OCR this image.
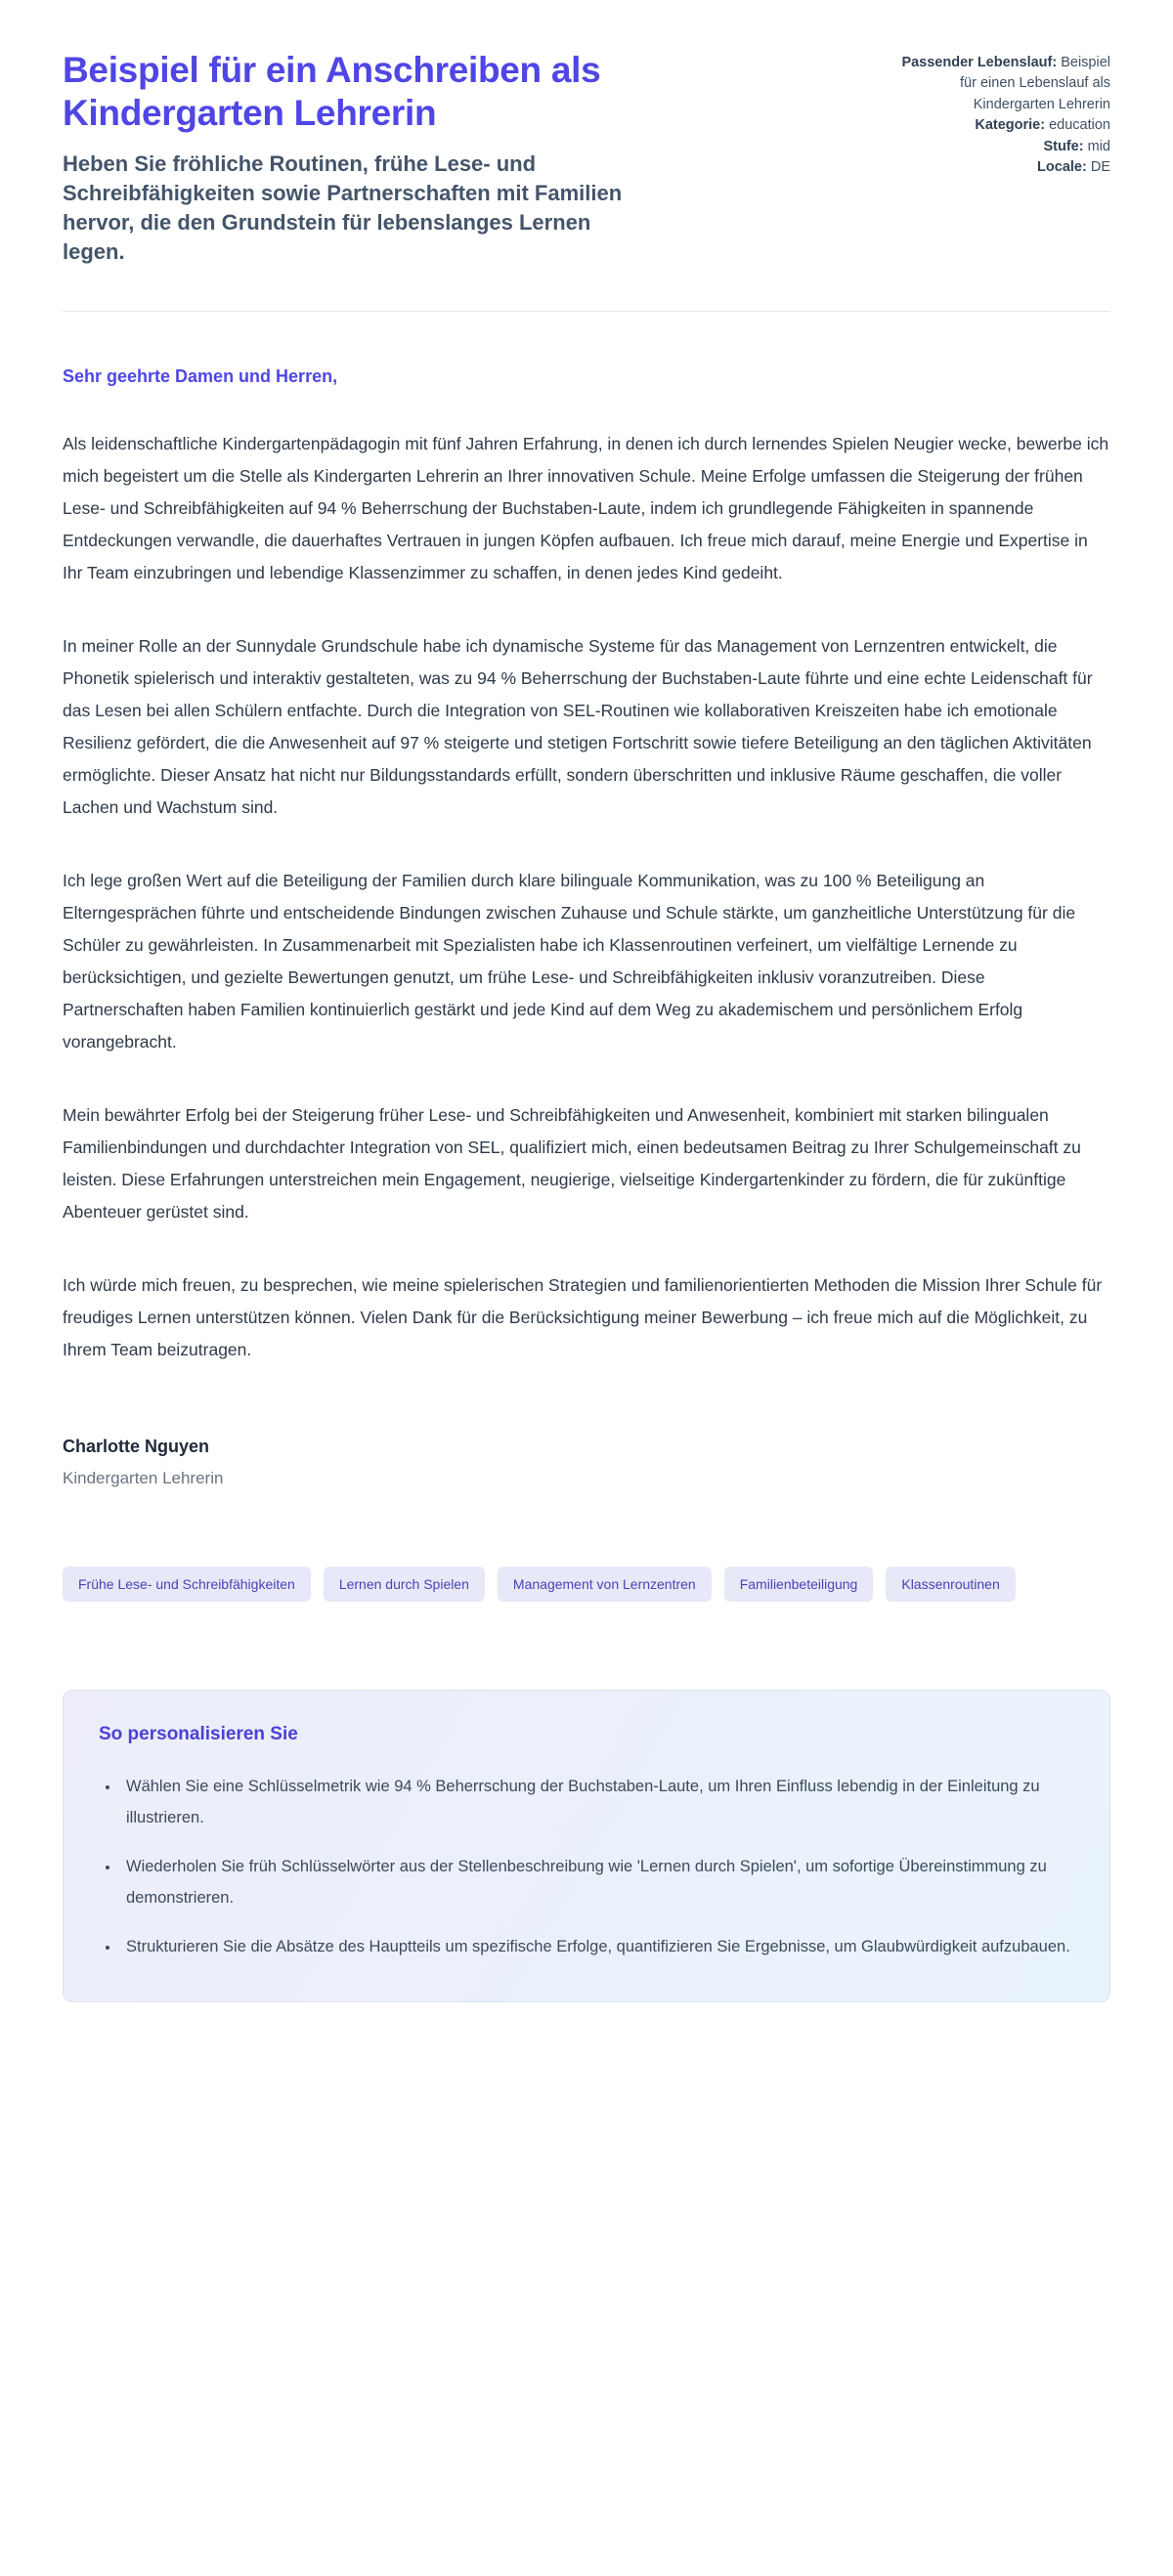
Beispiel für ein Anschreiben als Kindergarten Lehrerin

Heben Sie fröhliche Routinen, frühe Lese- und Schreibfähigkeiten sowie Partnerschaften mit Familien hervor, die den Grundstein für lebenslanges Lernen legen.

Passender Lebenslauf: Beispiel für einen Lebenslauf als Kindergarten Lehrerin
Kategorie: education
Stufe: mid
Locale: DE

Sehr geehrte Damen und Herren,

Als leidenschaftliche Kindergartenpädagogin mit fünf Jahren Erfahrung, in denen ich durch lernendes Spielen Neugier wecke, bewerbe ich mich begeistert um die Stelle als Kindergarten Lehrerin an Ihrer innovativen Schule. Meine Erfolge umfassen die Steigerung der frühen Lese- und Schreibfähigkeiten auf 94 % Beherrschung der Buchstaben-Laute, indem ich grundlegende Fähigkeiten in spannende Entdeckungen verwandle, die dauerhaftes Vertrauen in jungen Köpfen aufbauen. Ich freue mich darauf, meine Energie und Expertise in Ihr Team einzubringen und lebendige Klassenzimmer zu schaffen, in denen jedes Kind gedeiht.

In meiner Rolle an der Sunnydale Grundschule habe ich dynamische Systeme für das Management von Lernzentren entwickelt, die Phonetik spielerisch und interaktiv gestalteten, was zu 94 % Beherrschung der Buchstaben-Laute führte und eine echte Leidenschaft für das Lesen bei allen Schülern entfachte. Durch die Integration von SEL-Routinen wie kollaborativen Kreiszeiten habe ich emotionale Resilienz gefördert, die die Anwesenheit auf 97 % steigerte und stetigen Fortschritt sowie tiefere Beteiligung an den täglichen Aktivitäten ermöglichte. Dieser Ansatz hat nicht nur Bildungsstandards erfüllt, sondern überschritten und inklusive Räume geschaffen, die voller Lachen und Wachstum sind.

Ich lege großen Wert auf die Beteiligung der Familien durch klare bilinguale Kommunikation, was zu 100 % Beteiligung an Elterngesprächen führte und entscheidende Bindungen zwischen Zuhause und Schule stärkte, um ganzheitliche Unterstützung für die Schüler zu gewährleisten. In Zusammenarbeit mit Spezialisten habe ich Klassenroutinen verfeinert, um vielfältige Lernende zu berücksichtigen, und gezielte Bewertungen genutzt, um frühe Lese- und Schreibfähigkeiten inklusiv voranzutreiben. Diese Partnerschaften haben Familien kontinuierlich gestärkt und jede Kind auf dem Weg zu akademischem und persönlichem Erfolg vorangebracht.

Mein bewährter Erfolg bei der Steigerung früher Lese- und Schreibfähigkeiten und Anwesenheit, kombiniert mit starken bilingualen Familienbindungen und durchdachter Integration von SEL, qualifiziert mich, einen bedeutsamen Beitrag zu Ihrer Schulgemeinschaft zu leisten. Diese Erfahrungen unterstreichen mein Engagement, neugierige, vielseitige Kindergartenkinder zu fördern, die für zukünftige Abenteuer gerüstet sind.

Ich würde mich freuen, zu besprechen, wie meine spielerischen Strategien und familienorientierten Methoden die Mission Ihrer Schule für freudiges Lernen unterstützen können. Vielen Dank für die Berücksichtigung meiner Bewerbung – ich freue mich auf die Möglichkeit, zu Ihrem Team beizutragen.

Charlotte Nguyen

Kindergarten Lehrerin

Frühe Lese- und Schreibfähigkeiten	Lernen durch Spielen	Management von Lernzentren	Familienbeteiligung	Klassenroutinen
So personalisieren Sie
• Wählen Sie eine Schlüsselmetrik wie 94 % Beherrschung der Buchstaben-Laute, um Ihren Einfluss lebendig in der Einleitung zu illustrieren.
• Wiederholen Sie früh Schlüsselwörter aus der Stellenbeschreibung wie 'Lernen durch Spielen', um sofortige Übereinstimmung zu demonstrieren.
• Strukturieren Sie die Absätze des Hauptteils um spezifische Erfolge, quantifizieren Sie Ergebnisse, um Glaubwürdigkeit aufzubauen.
